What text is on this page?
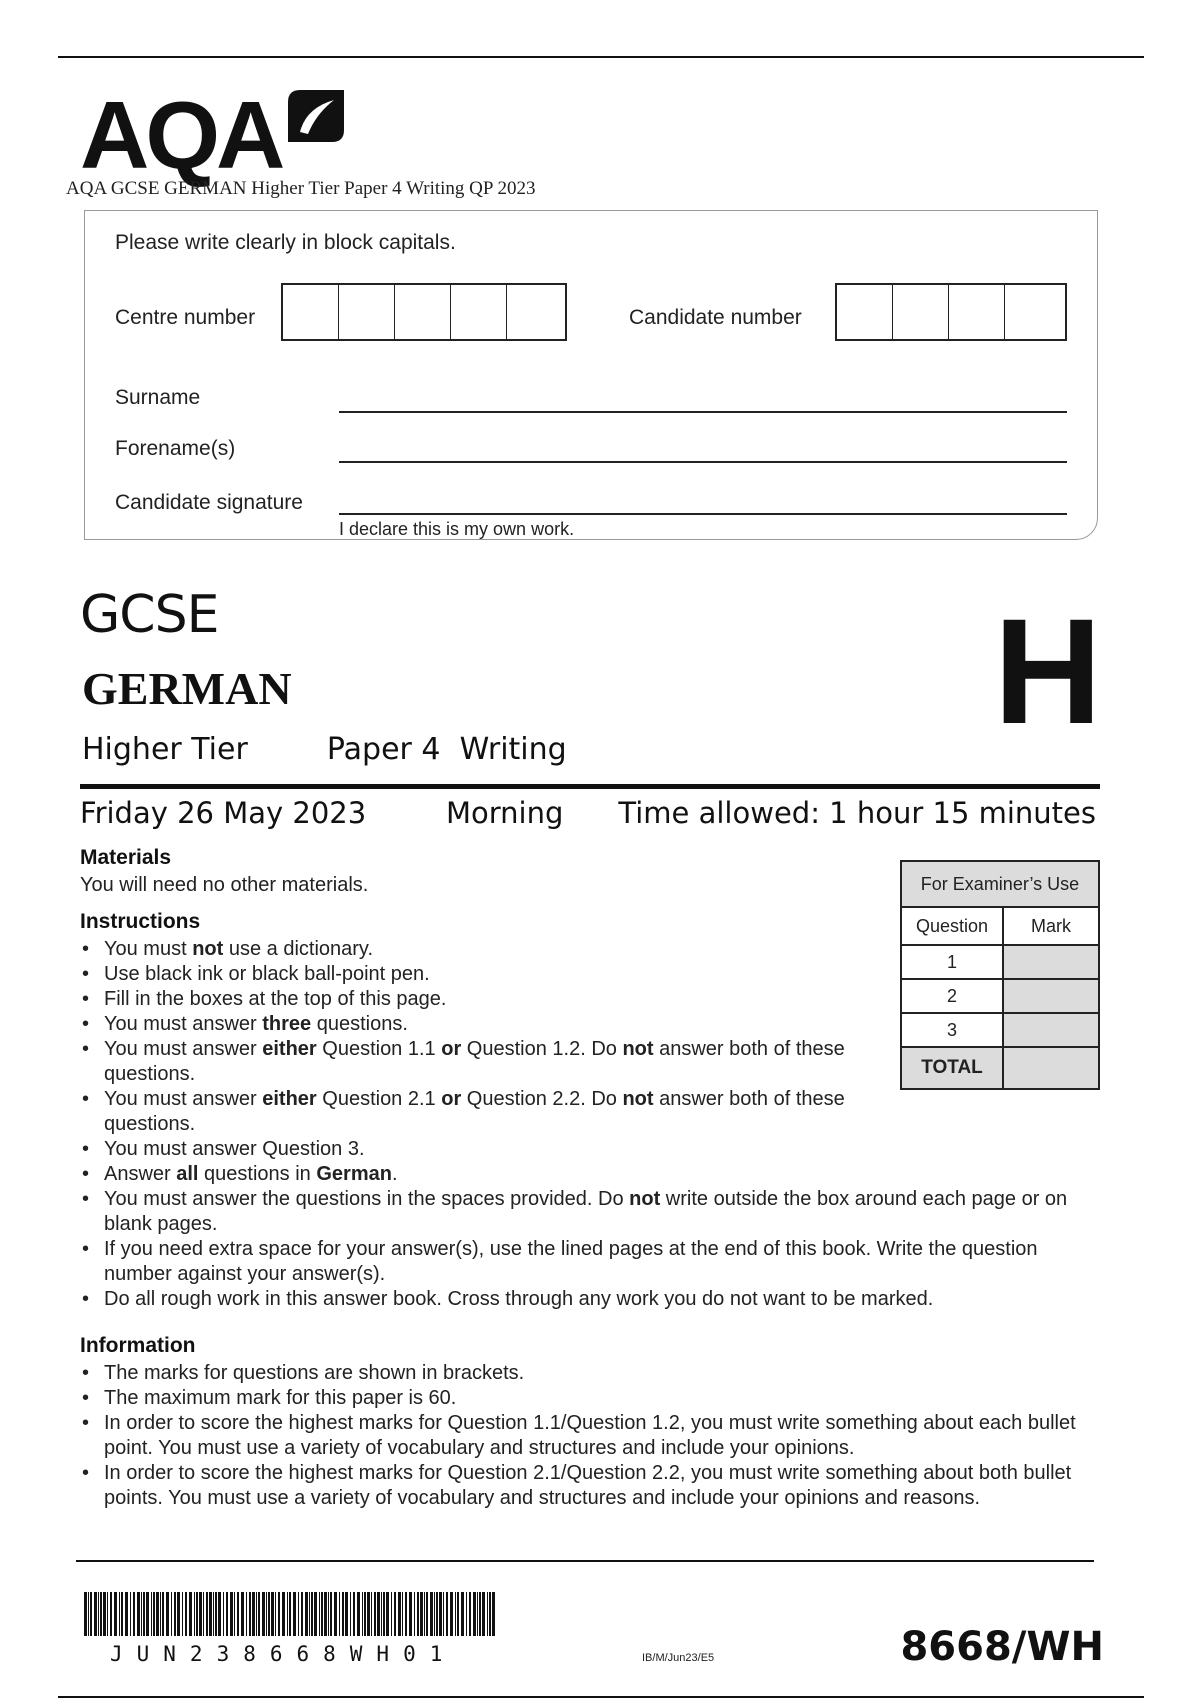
AQA
AQA GCSE GERMAN Higher Tier Paper 4 Writing QP 2023
Please write clearly in block capitals.
Centre number	Candidate number
Surname
Forename(s)
Candidate signature
I declare this is my own work.
GCSE
GERMAN
Higher Tier	Paper 4  Writing	H
Friday 26 May 2023	Morning Time allowed: 1 hour 15 minutes
Materials
You will need no other materials.
Instructions
• You must not use a dictionary.
• Use black ink or black ball-point pen.
• Fill in the boxes at the top of this page.
• You must answer three questions.
• You must answer either Question 1.1 or Question 1.2. Do not answer both of these questions.
• You must answer either Question 2.1 or Question 2.2. Do not answer both of these questions.
• You must answer Question 3.
• Answer all questions in German.
• You must answer the questions in the spaces provided. Do not write outside the box around each page or on blank pages.
• If you need extra space for your answer(s), use the lined pages at the end of this book. Write the question number against your answer(s).
• Do all rough work in this answer book. Cross through any work you do not want to be marked.
Information
• The marks for questions are shown in brackets.
• The maximum mark for this paper is 60.
• In order to score the highest marks for Question 1.1/Question 1.2, you must write something about each bullet point. You must use a variety of vocabulary and structures and include your opinions.
• In order to score the highest marks for Question 2.1/Question 2.2, you must write something about both bullet points. You must use a variety of vocabulary and structures and include your opinions and reasons.
For Examiner’s Use	
Question	Mark
1	
2	
3	
TOTAL	
JUN238668WH01	IB/M/Jun23/E5	8668/WH
